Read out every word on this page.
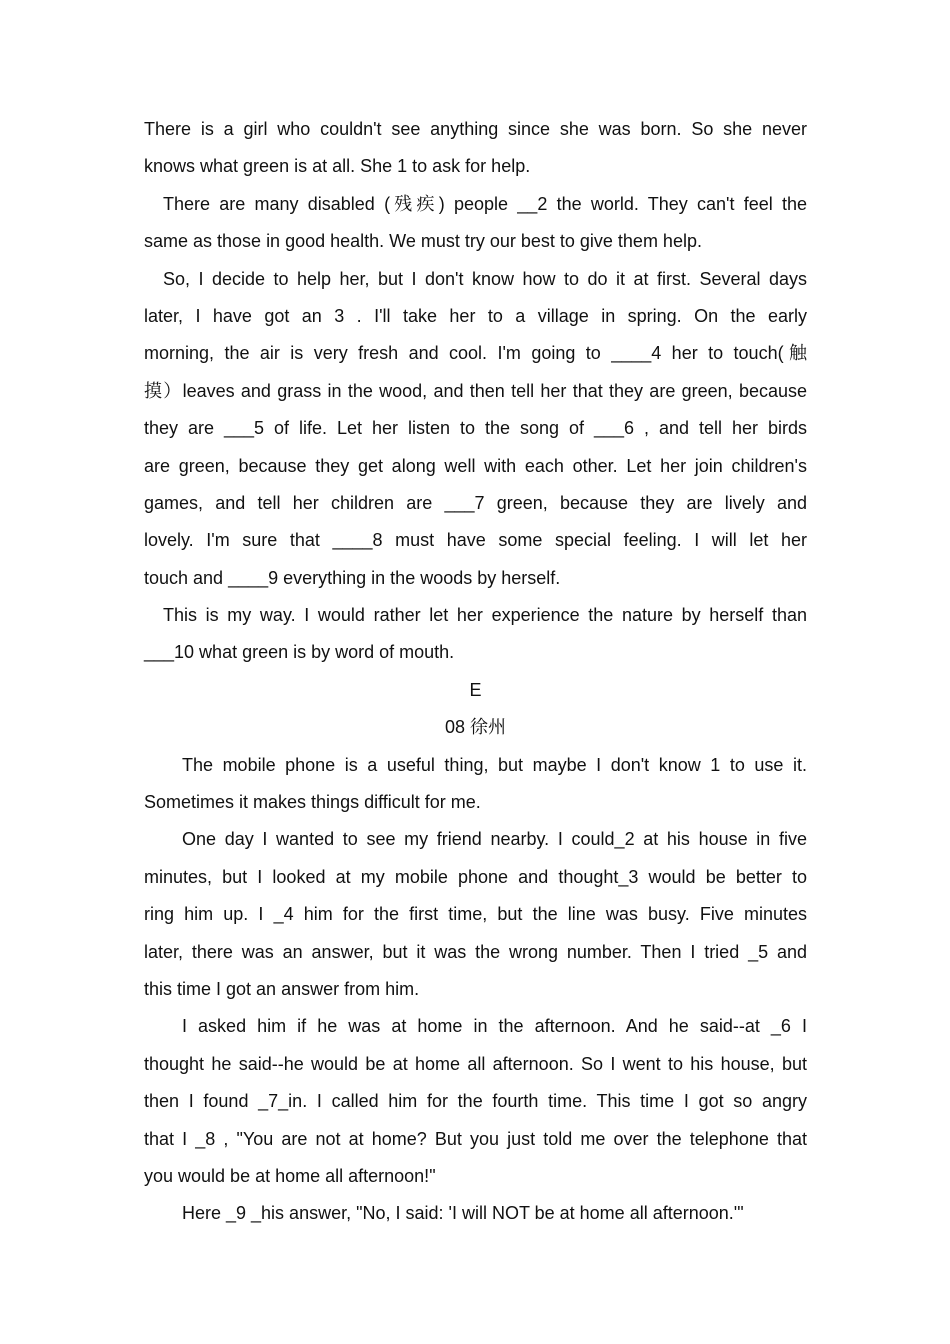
There is a girl who couldn't see anything since she was born. So she never
knows what green is at all. She 1 to ask for help.
There are many disabled (残疾) people __2 the world. They can't feel the
same as those in good health. We must try our best to give them help.
So, I decide to help her, but I don't know how to do it at first. Several days
later, I have got an 3 . I'll take her to a village in spring. On the early
morning, the air is very fresh and cool. I'm going to ____4 her to touch(触
摸）leaves and grass in the wood, and then tell her that they are green, because
they are ___5 of life. Let her listen to the song of ___6 , and tell her birds
are green, because they get along well with each other. Let her join children's
games, and tell her children are ___7 green, because they are lively and
lovely. I'm sure that ____8 must have some special feeling. I will let her
touch and ____9 everything in the woods by herself.
This is my way. I would rather let her experience the nature by herself than
___10 what green is by word of mouth.
E
08 徐州
The mobile phone is a useful thing, but maybe I don't know 1 to use it.
Sometimes it makes things difficult for me.
One day I wanted to see my friend nearby. I could_2 at his house in five
minutes, but I looked at my mobile phone and thought_3 would be better to
ring him up. I _4 him for the first time, but the line was busy. Five minutes
later, there was an answer, but it was the wrong number. Then I tried _5 and
this time I got an answer from him.
I asked him if he was at home in the afternoon. And he said--at _6 I
thought he said--he would be at home all afternoon. So I went to his house, but
then I found _7_in. I called him for the fourth time. This time I got so angry
that I _8 , "You are not at home? But you just told me over the telephone that
you would be at home all afternoon!"
Here _9 _his answer, "No, I said: 'I will NOT be at home all afternoon.'"
